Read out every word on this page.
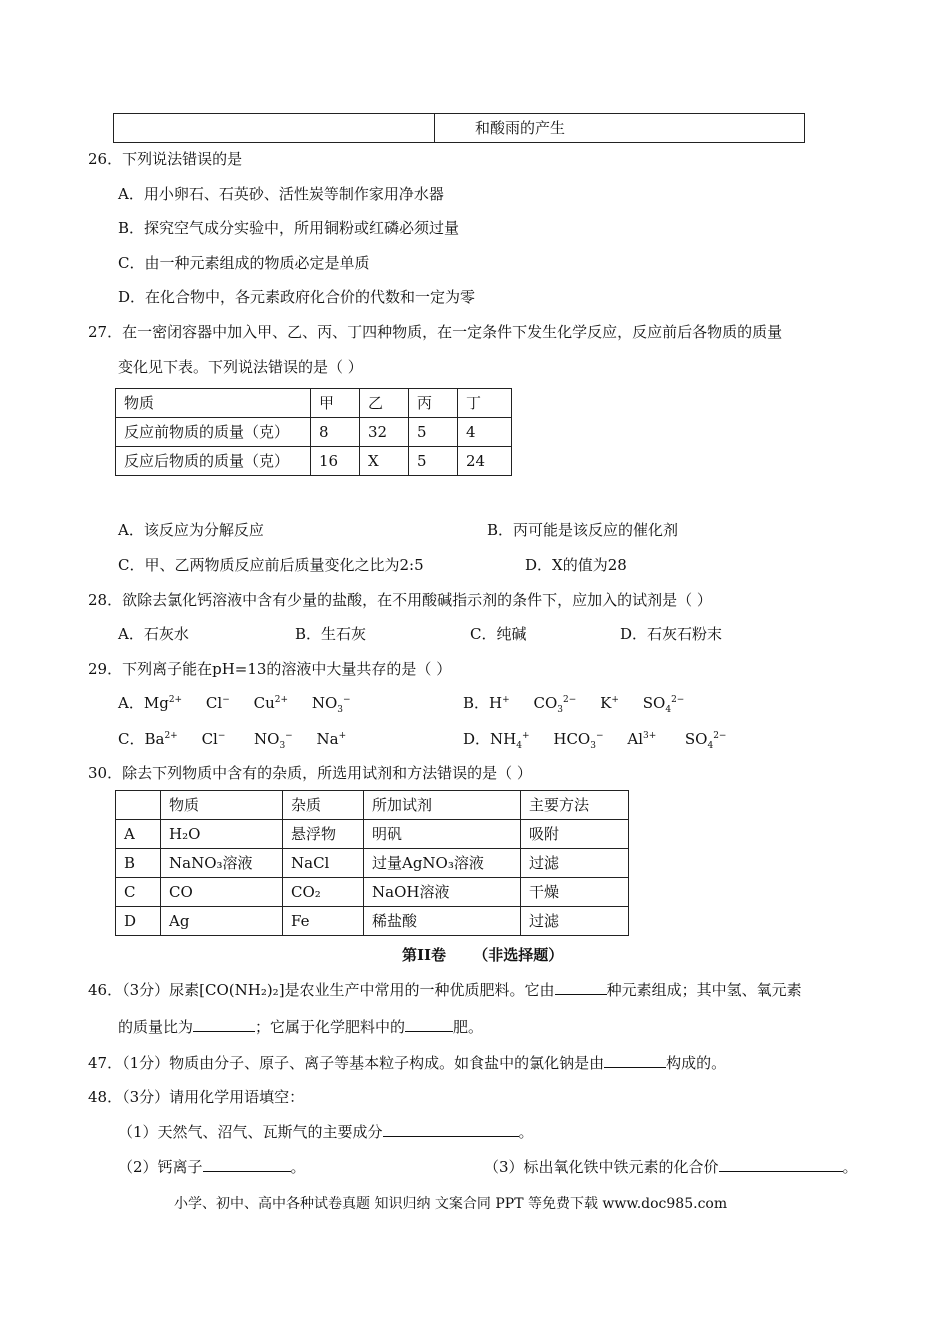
	和酸雨的产生
26．下列说法错误的是
A．用小卵石、石英砂、活性炭等制作家用净水器
B．探究空气成分实验中，所用铜粉或红磷必须过量
C．由一种元素组成的物质必定是单质
D．在化合物中，各元素政府化合价的代数和一定为零
27．在一密闭容器中加入甲、乙、丙、丁四种物质，在一定条件下发生化学反应，反应前后各物质的质量
变化见下表。下列说法错误的是（ ）
物质	甲	乙	丙	丁
反应前物质的质量（克）	8	32	5	4
反应后物质的质量（克）	16	X	5	24
A．该反应为分解反应	B．丙可能是该反应的催化剂
C．甲、乙两物质反应前后质量变化之比为2:5	D．X的值为28
28．欲除去氯化钙溶液中含有少量的盐酸，在不用酸碱指示剂的条件下，应加入的试剂是（ ）
A．石灰水	B．生石灰	C．纯碱	D．石灰石粉末
29．下列离子能在pH=13的溶液中大量共存的是（ ）
A．$Mg^{2+}$     Cl−     $Cu^{2+}$     $NO_3^-$	B．H+     $CO_3^{2-}$     K+     $SO_4^{2-}$
C．$Ba^{2+}$     Cl−      $NO_3^-$     Na+	D．$NH_4^+$     $HCO_3^-$     $Al^{3+}$      $SO_4^{2-}$
30．除去下列物质中含有的杂质，所选用试剂和方法错误的是（ ）
	物质	杂质	所加试剂	主要方法
A	H₂O	悬浮物	明矾	吸附
B	NaNO₃溶液	NaCl	过量AgNO₃溶液	过滤
C	CO	CO₂	NaOH溶液	干燥
D	Ag	Fe	稀盐酸	过滤
第II卷 （非选择题）
46．（3分）尿素[CO(NH₂)₂]是农业生产中常用的一种优质肥料。它由	种元素组成；其中氢、氧元素
的质量比为	；它属于化学肥料中的	肥。
47．（1分）物质由分子、原子、离子等基本粒子构成。如食盐中的氯化钠是由	构成的。
48．（3分）请用化学用语填空：
（1）天然气、沼气、瓦斯气的主要成分	。
（2）钙离子	。	（3）标出氧化铁中铁元素的化合价	。
小学、初中、高中各种试卷真题 知识归纳 文案合同 PPT 等免费下载 www.doc985.com
